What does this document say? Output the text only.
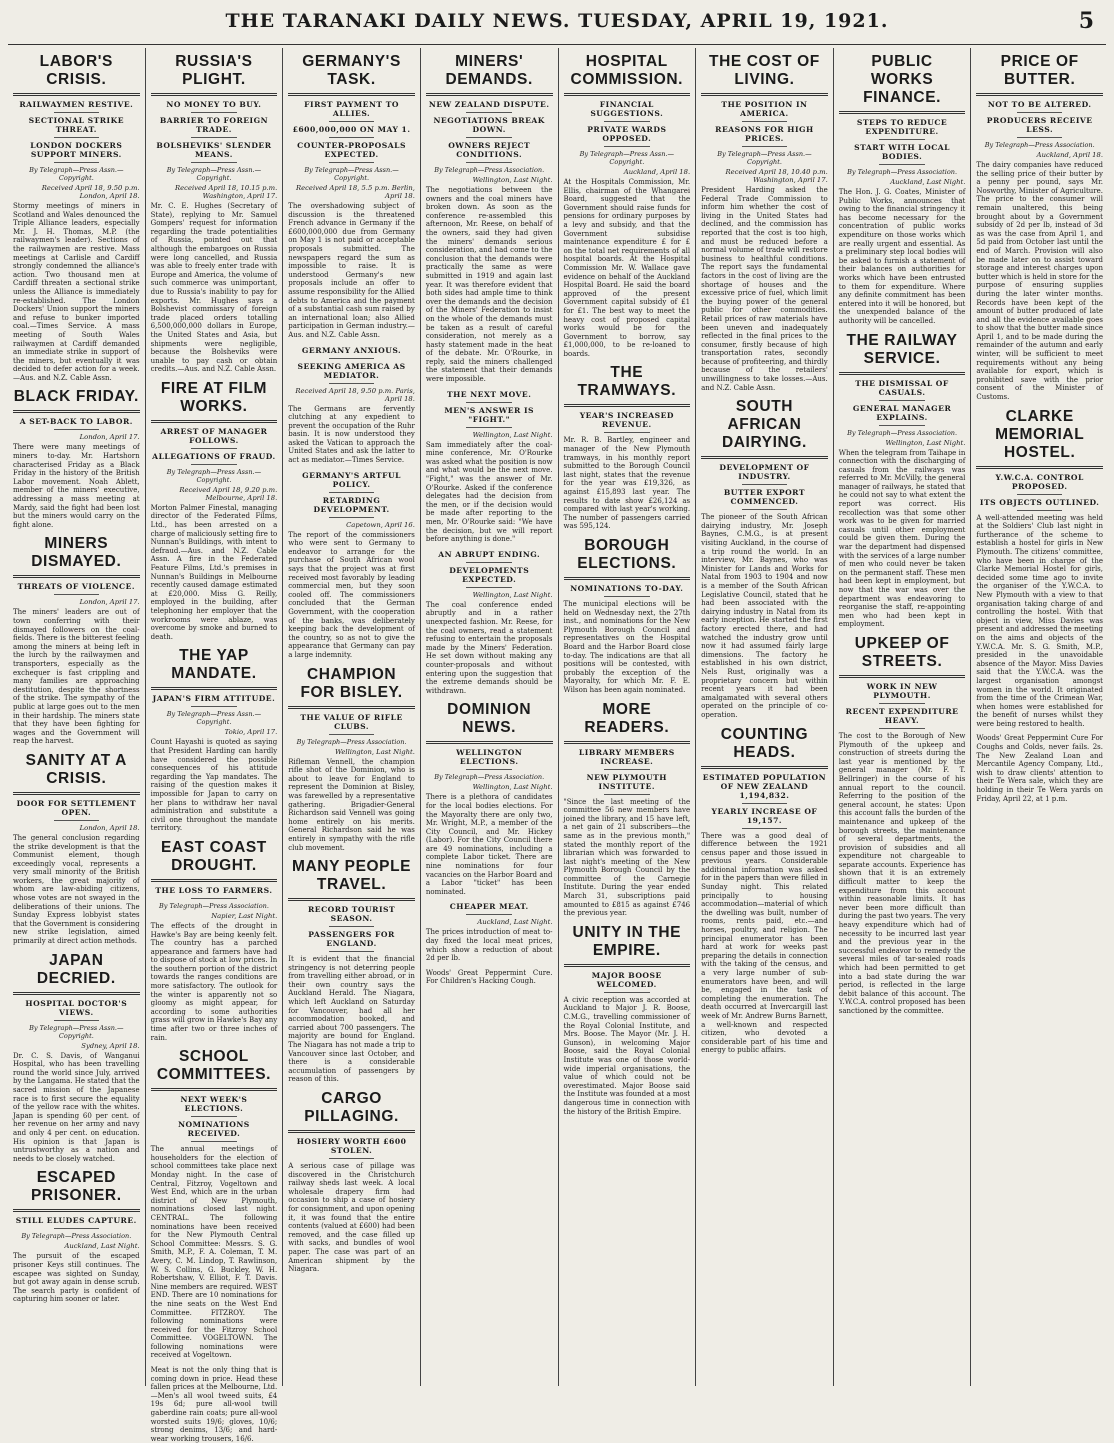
THE TARANAKI DAILY NEWS. TUESDAY, APRIL 19, 1921.	5
LABOR'S CRISIS.
RAILWAYMEN RESTIVE.
SECTIONAL STRIKE THREAT.
LONDON DOCKERS SUPPORT MINERS.
By Telegraph—Press Assn.—Copyright.
Received April 18, 9.50 p.m. London, April 18.

Stormy meetings of miners in Scotland and Wales denounced the Triple Alliance leaders, especially Mr. J. H. Thomas, M.P. (the railwaymen's leader). Sections of the railwaymen are restive. Mass meetings at Carlisle and Cardiff strongly condemned the alliance's action. Two thousand men at Cardiff threaten a sectional strike unless the Alliance is immediately re-established. The London Dockers' Union support the miners and refuse to bunker imported coal.—Times Service. A mass meeting of South Wales railwaymen at Cardiff demanded an immediate strike in support of the miners, but eventually it was decided to defer action for a week.—Aus. and N.Z. Cable Assn.

BLACK FRIDAY.
A SET-BACK TO LABOR.
London, April 17.

There were many meetings of miners to-day. Mr. Hartshorn characterised Friday as a Black Friday in the history of the British Labor movement. Noah Ablett, member of the miners' executive, addressing a mass meeting at Mardy, said the fight had been lost but the miners would carry on the fight alone.

MINERS DISMAYED.
THREATS OF VIOLENCE.
London, April 17.

The miners' leaders are out of town conferring with their dismayed followers on the coal-fields. There is the bitterest feeling among the miners at being left in the lurch by the railwaymen and transporters, especially as the exchequer is fast crippling and many families are approaching destitution, despite the shortness of the strike. The sympathy of the public at large goes out to the men in their hardship. The miners state that they have been fighting for wages and the Government will reap the harvest.

SANITY AT A CRISIS.
DOOR FOR SETTLEMENT OPEN.
London, April 18.

The general conclusion regarding the strike development is that the Communist element, though exceedingly vocal, represents a very small minority of the British workers, the great majority of whom are law-abiding citizens, whose votes are not swayed in the deliberations of their unions. The Sunday Express lobbyist states that the Government is considering new strike legislation, aimed primarily at direct action methods.

JAPAN DECRIED.
HOSPITAL DOCTOR'S VIEWS.
By Telegraph—Press Assn.—Copyright.
Sydney, April 18.

Dr. C. S. Davis, of Wanganui Hospital, who has been travelling round the world since July, arrived by the Langama. He stated that the sacred mission of the Japanese race is to first secure the equality of the yellow race with the whites. Japan is spending 60 per cent. of her revenue on her army and navy and only 4 per cent. on education. His opinion is that Japan is untrustworthy as a nation and needs to be closely watched.

ESCAPED PRISONER.
STILL ELUDES CAPTURE.
By Telegraph—Press Association.
Auckland, Last Night.

The pursuit of the escaped prisoner Keys still continues. The escapee was sighted on Sunday, but got away again in dense scrub. The search party is confident of capturing him sooner or later.

RUSSIA'S PLIGHT.
NO MONEY TO BUY.
BARRIER TO FOREIGN TRADE.
BOLSHEVIKS' SLENDER MEANS.
By Telegraph—Press Assn.—Copyright.
Received April 18, 10.15 p.m. Washington, April 17.

Mr. C. E. Hughes (Secretary of State), replying to Mr. Samuel Gompers' request for information regarding the trade potentialities of Russia, pointed out that although the embargoes on Russia were long cancelled, and Russia was able to freely enter trade with Europe and America, the volume of such commerce was unimportant, due to Russia's inability to pay for exports. Mr. Hughes says a Bolshevist commissary of foreign trade placed orders totalling 6,500,000,000 dollars in Europe, the United States and Asia, but shipments were negligible, because the Bolsheviks were unable to pay cash or obtain credits.—Aus. and N.Z. Cable Assn.

FIRE AT FILM WORKS.
ARREST OF MANAGER FOLLOWS.
ALLEGATIONS OF FRAUD.
By Telegraph—Press Assn.—Copyright.
Received April 18, 9.20 p.m. Melbourne, April 18.

Morton Palmer Finestal, managing director of the Federated Films, Ltd., has been arrested on a charge of maliciously setting fire to Nunnan's Buildings, with intent to defraud.—Aus. and N.Z. Cable Assn. A fire in the Federated Feature Films, Ltd.'s premises in Nunnan's Buildings in Melbourne recently caused damage estimated at £20,000. Miss G. Reilly, employed in the building, after telephoning her employer that the workrooms were ablaze, was overcome by smoke and burned to death.

THE YAP MANDATE.
JAPAN'S FIRM ATTITUDE.
By Telegraph—Press Assn.—Copyright.
Tokio, April 17.

Count Hayashi is quoted as saying that President Harding can hardly have considered the possible consequences of his attitude regarding the Yap mandates. The raising of the question makes it impossible for Japan to carry on her plans to withdraw her naval administration and substitute a civil one throughout the mandate territory.

EAST COAST DROUGHT.
THE LOSS TO FARMERS.
By Telegraph—Press Association.
Napier, Last Night.

The effects of the drought in Hawke's Bay are being keenly felt. The country has a parched appearance and farmers have had to dispose of stock at low prices. In the southern portion of the district towards the ranges conditions are more satisfactory. The outlook for the winter is apparently not so gloomy as might appear, for according to some authorities grass will grow in Hawke's Bay any time after two or three inches of rain.

SCHOOL COMMITTEES.
NEXT WEEK'S ELECTIONS.
NOMINATIONS RECEIVED.

The annual meetings of householders for the election of school committees take place next Monday night. In the case of Central, Fitzroy, Vogeltown and West End, which are in the urban district of New Plymouth, nominations closed last night. CENTRAL. The following nominations have been received for the New Plymouth Central School Committee: Messrs. S. G. Smith, M.P., F. A. Coleman, T. M. Avery, C. M. Lindop, T. Rawlinson, W. S. Collins, G. Buckley, W. H. Robertshaw, V. Elliot, F. T. Davis. Nine members are required. WEST END. There are 10 nominations for the nine seats on the West End Committee. FITZROY. The following nominations were received for the Fitzroy School Committee. VOGELTOWN. The following nominations were received at Vogeltown.

Meat is not the only thing that is coming down in price. Head these fallen prices at the Melbourne, Ltd.—Men's all wool tweed suits, £4 19s 6d; pure all-wool twill gaberdine rain coats; pure all-wool worsted suits 19/6; gloves, 10/6; strong denims, 13/6; and hard-wear working trousers, 16/6.

GERMANY'S TASK.
FIRST PAYMENT TO ALLIES.
£600,000,000 ON MAY 1.
COUNTER-PROPOSALS EXPECTED.
By Telegraph—Press Assn.—Copyright.
Received April 18, 5.5 p.m. Berlin, April 18.

The overshadowing subject of discussion is the threatened French advance in Germany if the £600,000,000 due from Germany on May 1 is not paid or acceptable proposals submitted. The newspapers regard the sum as impossible to raise. It is understood Germany's new proposals include an offer to assume responsibility for the Allied debts to America and the payment of a substantial cash sum raised by an international loan; also Allied participation in German industry.—Aus. and N.Z. Cable Assn.

GERMANY ANXIOUS.
SEEKING AMERICA AS MEDIATOR.
Received April 18, 9.50 p.m. Paris, April 18.

The Germans are fervently clutching at any expedient to prevent the occupation of the Ruhr basin. It is now understood they asked the Vatican to approach the United States and ask the latter to act as mediator.—Times Service.

GERMANY'S ARTFUL POLICY.
RETARDING DEVELOPMENT.
Capetown, April 16.

The report of the commissioners who were sent to Germany to endeavor to arrange for the purchase of South African wool says that the project was at first received most favorably by leading commercial men, but they soon cooled off. The commissioners concluded that the German Government, with the cooperation of the banks, was deliberately keeping back the development of the country, so as not to give the appearance that Germany can pay a large indemnity.

CHAMPION FOR BISLEY.
THE VALUE OF RIFLE CLUBS.
By Telegraph—Press Association.
Wellington, Last Night.

Rifleman Vennell, the champion rifle shot of the Dominion, who is about to leave for England to represent the Dominion at Bisley, was farewelled by a representative gathering. Brigadier-General Richardson said Vennell was going home entirely on his merits. General Richardson said he was entirely in sympathy with the rifle club movement.

MANY PEOPLE TRAVEL.
RECORD TOURIST SEASON.
PASSENGERS FOR ENGLAND.

It is evident that the financial stringency is not deterring people from travelling either abroad, or in their own country says the Auckland Herald. The Niagara, which left Auckland on Saturday for Vancouver, had all her accommodation booked, and carried about 700 passengers. The majority are bound for England. The Niagara has not made a trip to Vancouver since last October, and there is a considerable accumulation of passengers by reason of this.

CARGO PILLAGING.
HOSIERY WORTH £600 STOLEN.

A serious case of pillage was discovered in the Christchurch railway sheds last week. A local wholesale drapery firm had occasion to ship a case of hosiery for consignment, and upon opening it, it was found that the entire contents (valued at £600) had been removed, and the case filled up with sacks, and bundles of wool paper. The case was part of an American shipment by the Niagara.

MINERS' DEMANDS.
NEW ZEALAND DISPUTE.
NEGOTIATIONS BREAK DOWN.
OWNERS REJECT CONDITIONS.
By Telegraph—Press Association.
Wellington, Last Night.

The negotiations between the owners and the coal miners have broken down. As soon as the conference re-assembled this afternoon, Mr. Reese, on behalf of the owners, said they had given the miners' demands serious consideration, and had come to the conclusion that the demands were practically the same as were submitted in 1919 and again last year. It was therefore evident that both sides had ample time to think over the demands and the decision of the Miners' Federation to insist on the whole of the demands must be taken as a result of careful consideration, not merely as a hasty statement made in the heat of the debate. Mr. O'Rourke, in reply, said the miners challenged the statement that their demands were impossible.

THE NEXT MOVE.
MEN'S ANSWER IS "FIGHT."
Wellington, Last Night.

Sam immediately after the coal-mine conference, Mr. O'Rourke was asked what the position is now and what would be the next move. "Fight," was the answer of Mr. O'Rourke. Asked if the conference delegates had the decision from the men, or if the decision would be made after reporting to the men, Mr. O'Rourke said: "We have the decision, but we will report before anything is done."

AN ABRUPT ENDING.
DEVELOPMENTS EXPECTED.
Wellington, Last Night.

The coal conference ended abruptly and in a rather unexpected fashion. Mr. Reese, for the coal owners, read a statement refusing to entertain the proposals made by the Miners' Federation. He set down without making any counter-proposals and without entering upon the suggestion that the extreme demands should be withdrawn.

DOMINION NEWS.
WELLINGTON ELECTIONS.
By Telegraph—Press Association.
Wellington, Last Night.

There is a plethora of candidates for the local bodies elections. For the Mayoralty there are only two, Mr. Wright, M.P., a member of the City Council, and Mr. Hickey (Labor). For the City Council there are 49 nominations, including a complete Labor ticket. There are nine nominations for four vacancies on the Harbor Board and a Labor "ticket" has been nominated.

CHEAPER MEAT.
Auckland, Last Night.

The prices introduction of meat to-day fixed the local meat prices, which show a reduction of about 2d per lb.

Woods' Great Peppermint Cure. For Children's Hacking Cough.

HOSPITAL COMMISSION.
FINANCIAL SUGGESTIONS.
PRIVATE WARDS OPPOSED.
By Telegraph—Press Assn.—Copyright.
Auckland, April 18.

At the Hospitals Commission, Mr. Ellis, chairman of the Whangarei Board, suggested that the Government should raise funds for pensions for ordinary purposes by a levy and subsidy, and that the Government subsidise maintenance expenditure £ for £ on the total net requirements of all hospital boards. At the Hospital Commission Mr. W. Wallace gave evidence on behalf of the Auckland Hospital Board. He said the board approved of the present Government capital subsidy of £1 for £1. The best way to meet the heavy cost of proposed capital works would be for the Government to borrow, say £1,000,000, to be re-loaned to boards.

THE TRAMWAYS.
YEAR'S INCREASED REVENUE.

Mr. R. B. Bartley, engineer and manager of the New Plymouth tramways, in his monthly report submitted to the Borough Council last night, states that the revenue for the year was £19,326, as against £15,893 last year. The results to date show £26,124 as compared with last year's working. The number of passengers carried was 595,124.

BOROUGH ELECTIONS.
NOMINATIONS TO-DAY.

The municipal elections will be held on Wednesday next, the 27th inst., and nominations for the New Plymouth Borough Council and representatives on the Hospital Board and the Harbor Board close to-day. The indications are that all positions will be contested, with probably the exception of the Mayoralty, for which Mr. F. E. Wilson has been again nominated.

MORE READERS.
LIBRARY MEMBERS INCREASE.
NEW PLYMOUTH INSTITUTE.

"Since the last meeting of the committee 56 new members have joined the library, and 15 have left, a net gain of 21 subscribers—the same as in the previous month," stated the monthly report of the librarian which was forwarded to last night's meeting of the New Plymouth Borough Council by the committee of the Carnegie Institute. During the year ended March 31, subscriptions paid amounted to £815 as against £746 the previous year.

UNITY IN THE EMPIRE.
MAJOR BOOSE WELCOMED.

A civic reception was accorded at Auckland to Major J. R. Boose, C.M.G., travelling commissioner of the Royal Colonial Institute, and Mrs. Boose. The Mayor (Mr. J. H. Gunson), in welcoming Major Boose, said the Royal Colonial Institute was one of those world-wide imperial organisations, the value of which could not be overestimated. Major Boose said the Institute was founded at a most dangerous time in connection with the history of the British Empire.

THE COST OF LIVING.
THE POSITION IN AMERICA.
REASONS FOR HIGH PRICES.
By Telegraph—Press Assn.—Copyright.
Received April 18, 10.40 p.m. Washington, April 17.

President Harding asked the Federal Trade Commission to inform him whether the cost of living in the United States had declined, and the commission has reported that the cost is too high, and must be reduced before a normal volume of trade will restore business to healthful conditions. The report says the fundamental factors in the cost of living are the shortage of houses and the excessive price of fuel, which limit the buying power of the general public for other commodities. Retail prices of raw materials have been uneven and inadequately reflected in the final prices to the consumer, firstly because of high transportation rates, secondly because of profiteering, and thirdly because of the retailers' unwillingness to take losses.—Aus. and N.Z. Cable Assn.

SOUTH AFRICAN DAIRYING.
DEVELOPMENT OF INDUSTRY.
BUTTER EXPORT COMMENCED.

The pioneer of the South African dairying industry, Mr. Joseph Baynes, C.M.G., is at present visiting Auckland, in the course of a trip round the world. In an interview, Mr. Baynes, who was Minister for Lands and Works for Natal from 1903 to 1904 and now is a member of the South African Legislative Council, stated that he had been associated with the dairying industry in Natal from its early inception. He started the first factory erected there, and had watched the industry grow until now it had assumed fairly large dimensions. The factory he established in his own district, Nels Rust, originally was a proprietary concern but within recent years it had been amalgamated with several others operated on the principle of co-operation.

COUNTING HEADS.
ESTIMATED POPULATION OF NEW ZEALAND 1,194,832.
YEARLY INCREASE OF 19,157.

There was a good deal of difference between the 1921 census paper and those issued in previous years. Considerable additional information was asked for in the papers than were filled in Sunday night. This related principally to housing accommodation—material of which the dwelling was built, number of rooms, rents paid, etc.—and horses, poultry, and religion. The principal enumerator has been hard at work for weeks past preparing the details in connection with the taking of the census, and a very large number of sub-enumerators have been, and will be, engaged in the task of completing the enumeration. The death occurred at Invercargill last week of Mr. Andrew Burns Barnett, a well-known and respected citizen, who devoted a considerable part of his time and energy to public affairs.

PUBLIC WORKS FINANCE.
STEPS TO REDUCE EXPENDITURE.
START WITH LOCAL BODIES.
By Telegraph—Press Association.
Auckland, Last Night.

The Hon. J. G. Coates, Minister of Public Works, announces that owing to the financial stringency it has become necessary for the concentration of public works expenditure on those works which are really urgent and essential. As a preliminary step local bodies will be asked to furnish a statement of their balances on authorities for works which have been entrusted to them for expenditure. Where any definite commitment has been entered into it will be honored, but the unexpended balance of the authority will be cancelled.

THE RAILWAY SERVICE.
THE DISMISSAL OF CASUALS.
GENERAL MANAGER EXPLAINS.
By Telegraph—Press Association.
Wellington, Last Night.

When the telegram from Taihape in connection with the discharging of casuals from the railways was referred to Mr. McVilly, the general manager of railways, he stated that he could not say to what extent the report was correct. His recollection was that some other work was to be given for married casuals until other employment could be given them. During the war the department had dispensed with the services of a large number of men who could never be taken on the permanent staff. These men had been kept in employment, but now that the war was over the department was endeavoring to reorganise the staff, re-appointing men who had been kept in employment.

UPKEEP OF STREETS.
WORK IN NEW PLYMOUTH.
RECENT EXPENDITURE HEAVY.

The cost to the Borough of New Plymouth of the upkeep and construction of streets during the last year is mentioned by the general manager (Mr. F. T. Bellringer) in the course of his annual report to the council. Referring to the position of the general account, he states: Upon this account falls the burden of the maintenance and upkeep of the borough streets, the maintenance of several departments, the provision of subsidies and all expenditure not chargeable to separate accounts. Experience has shown that it is an extremely difficult matter to keep the expenditure from this account within reasonable limits. It has never been more difficult than during the past two years. The very heavy expenditure which had of necessity to be incurred last year and the previous year in the successful endeavor to remedy the several miles of tar-sealed roads which had been permitted to get into a bad state during the war period, is reflected in the large debit balance of this account. The Y.W.C.A. control proposed has been sanctioned by the committee.

PRICE OF BUTTER.
NOT TO BE ALTERED.
PRODUCERS RECEIVE LESS.
By Telegraph—Press Association.
Auckland, April 18.

The dairy companies have reduced the selling price of their butter by a penny per pound, says Mr. Nosworthy, Minister of Agriculture. The price to the consumer will remain unaltered, this being brought about by a Government subsidy of 2d per lb, instead of 3d as was the case from April 1, and 5d paid from October last until the end of March. Provision will also be made later on to assist toward storage and interest charges upon butter which is held in store for the purpose of ensuring supplies during the later winter months. Records have been kept of the amount of butter produced of late and all the evidence available goes to show that the butter made since April 1, and to be made during the remainder of the autumn and early winter, will be sufficient to meet requirements without any being available for export, which is prohibited save with the prior consent of the Minister of Customs.

CLARKE MEMORIAL HOSTEL.
Y.W.C.A. CONTROL PROPOSED.
ITS OBJECTS OUTLINED.

A well-attended meeting was held at the Soldiers' Club last night in furtherance of the scheme to establish a hostel for girls in New Plymouth. The citizens' committee, who have been in charge of the Clarke Memorial Hostel for girls, decided some time ago to invite the organiser of the Y.W.C.A. to New Plymouth with a view to that organisation taking charge of and controlling the hostel. With that object in view, Miss Davies was present and addressed the meeting on the aims and objects of the Y.W.C.A. Mr. S. G. Smith, M.P., presided in the unavoidable absence of the Mayor. Miss Davies said that the Y.W.C.A. was the largest organisation amongst women in the world. It originated from the time of the Crimean War, when homes were established for the benefit of nurses whilst they were being restored to health.

Woods' Great Peppermint Cure For Coughs and Colds, never fails. 2s. The New Zealand Loan and Mercantile Agency Company, Ltd., wish to draw clients' attention to their Te Wera sale, which they are holding in their Te Wera yards on Friday, April 22, at 1 p.m.
